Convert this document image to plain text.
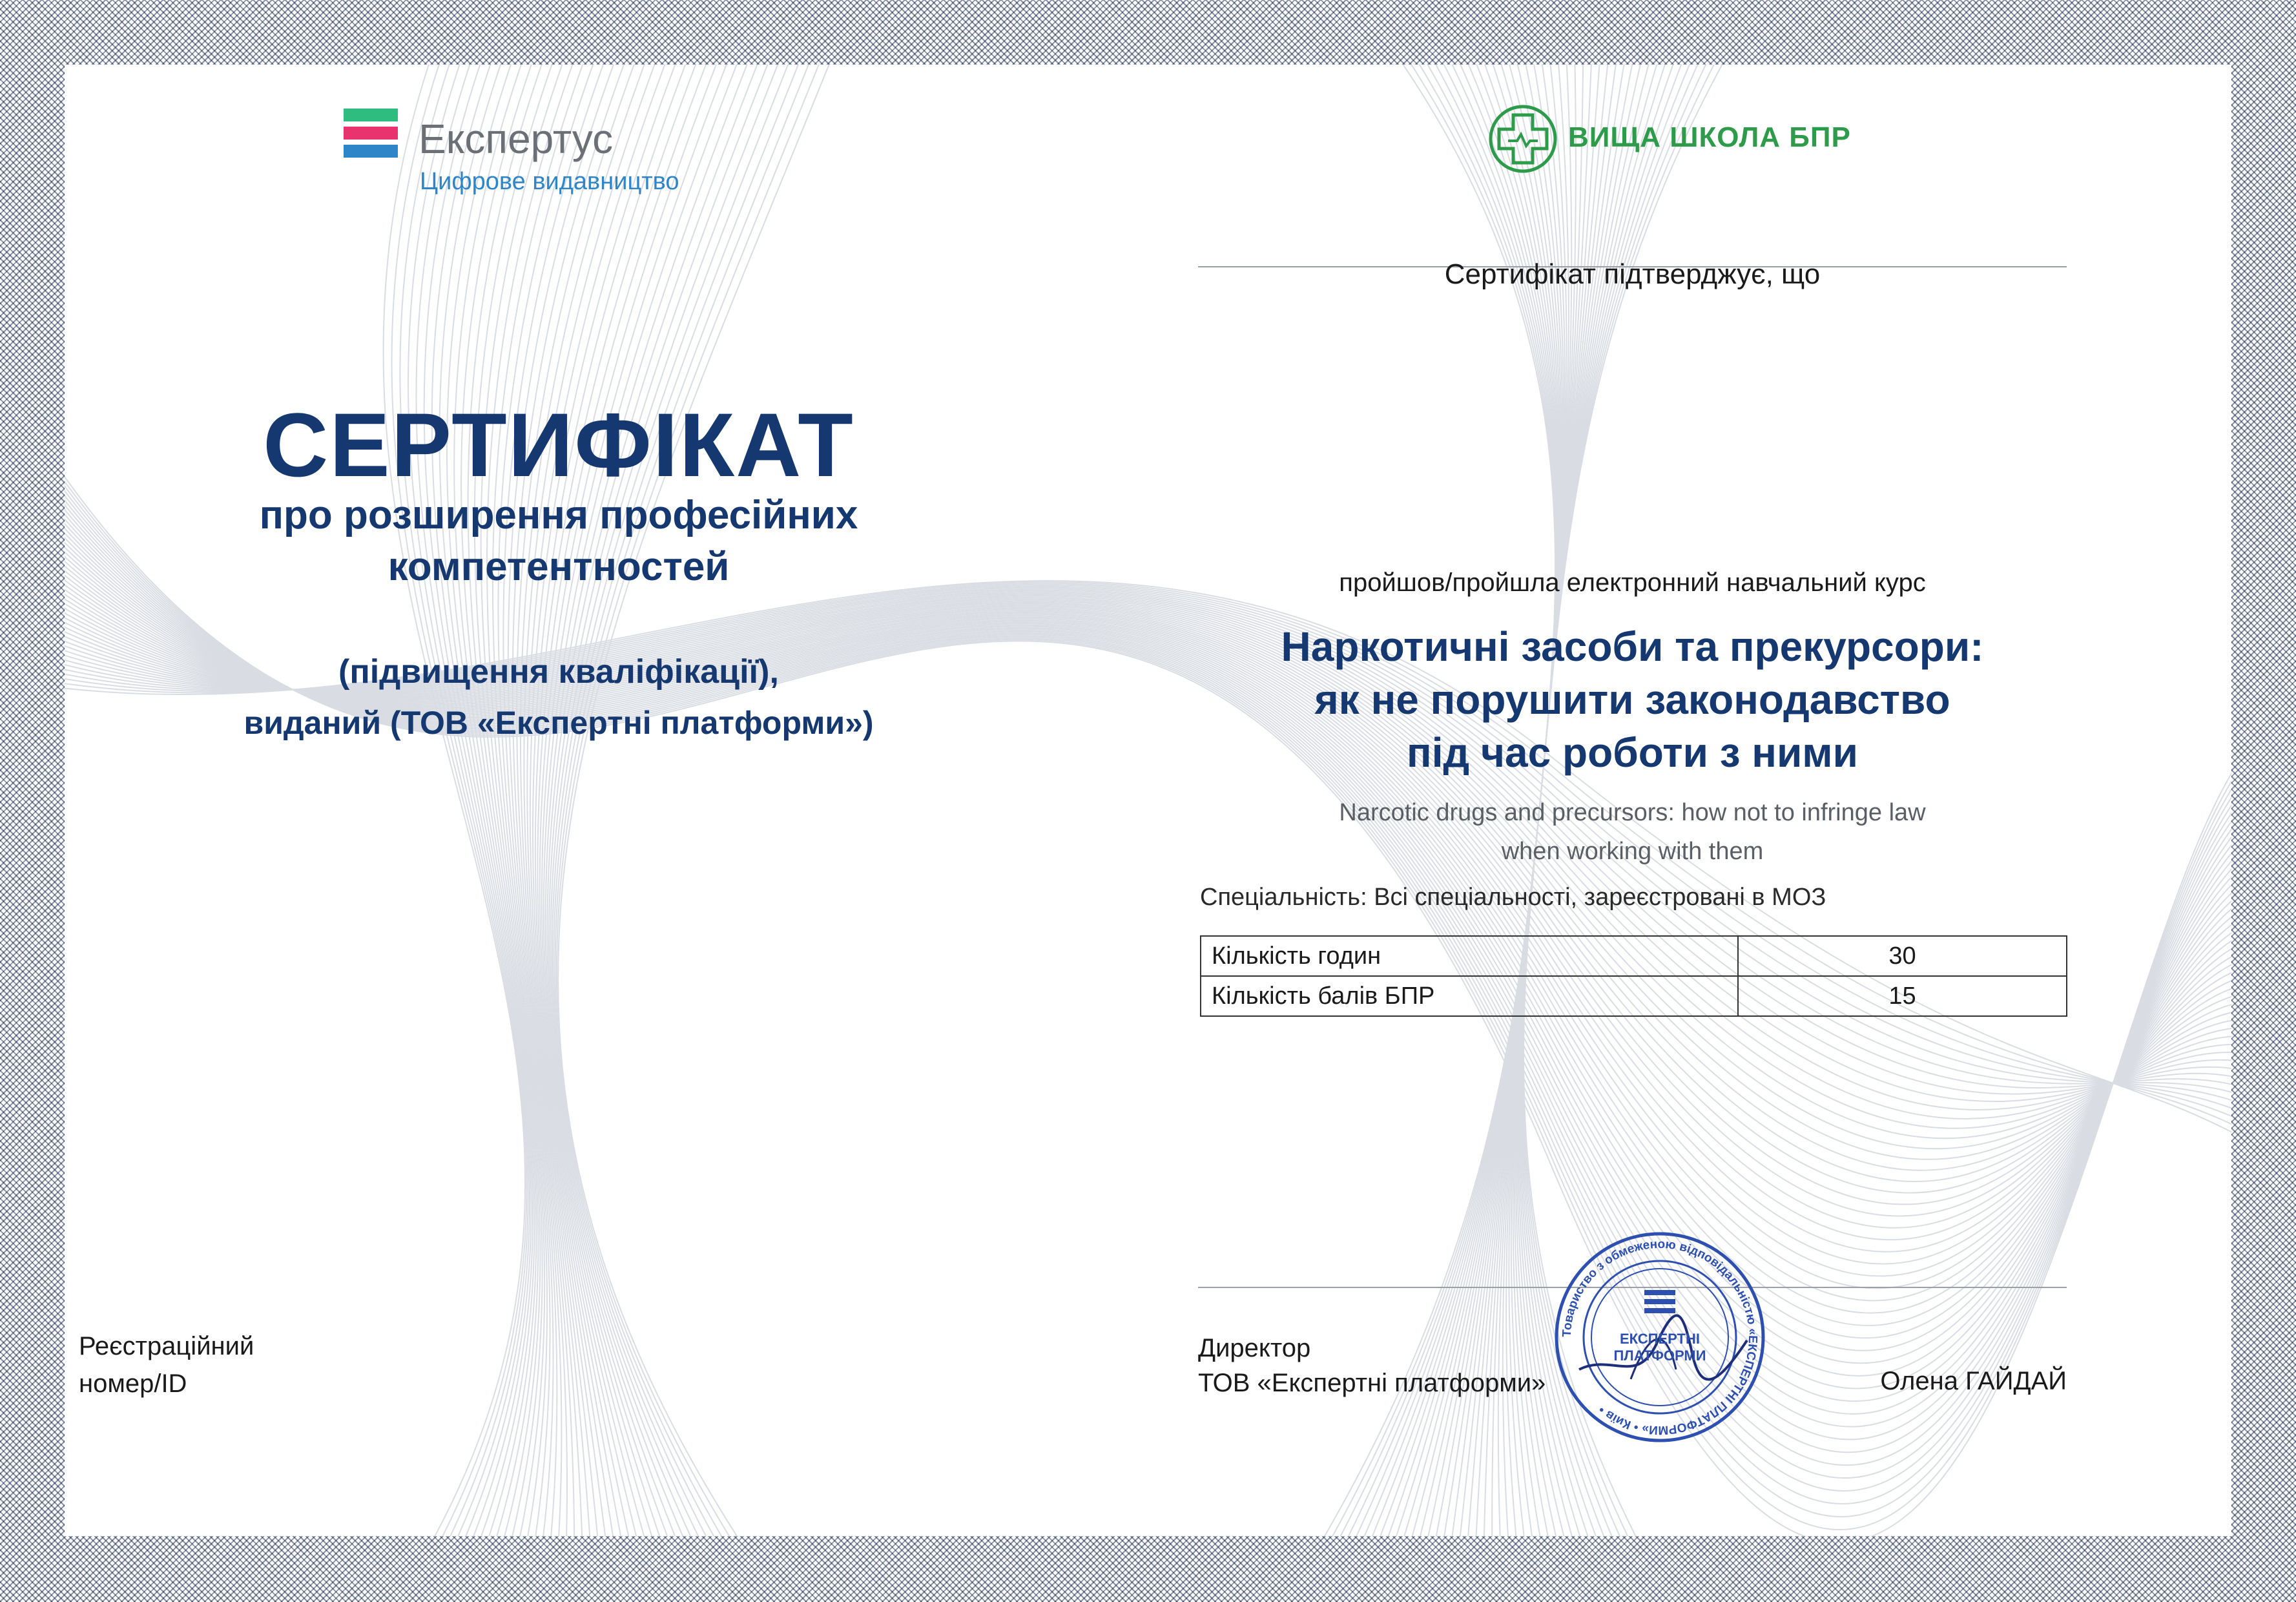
Експертус
Цифрове видавництво
ВИЩА ШКОЛА БПР
СЕРТИФІКАТ
про розширення професійних
компетентностей
(підвищення кваліфікації),
виданий (ТОВ «Експертні платформи»)
Сертифікат підтверджує, що
пройшов/пройшла електронний навчальний курс
Наркотичні засоби та прекурсори:
як не порушити законодавство
під час роботи з ними
Narcotic drugs and precursors: how not to infringe law
when working with them
Спеціальність: Всі спеціальності, зареєстровані в МОЗ
Кількість годин	30
Кількість балів БПР	15
Реєстраційний
номер/ID
Директор
ТОВ «Експертні платформи»	Олена ГАЙДАЙ
Товариство з обмеженою відповідальністю «ЕКСПЕРТНІ ПЛАТФОРМИ» • Київ •
ЕКСПЕРТНІ
ПЛАТФОРМИ
